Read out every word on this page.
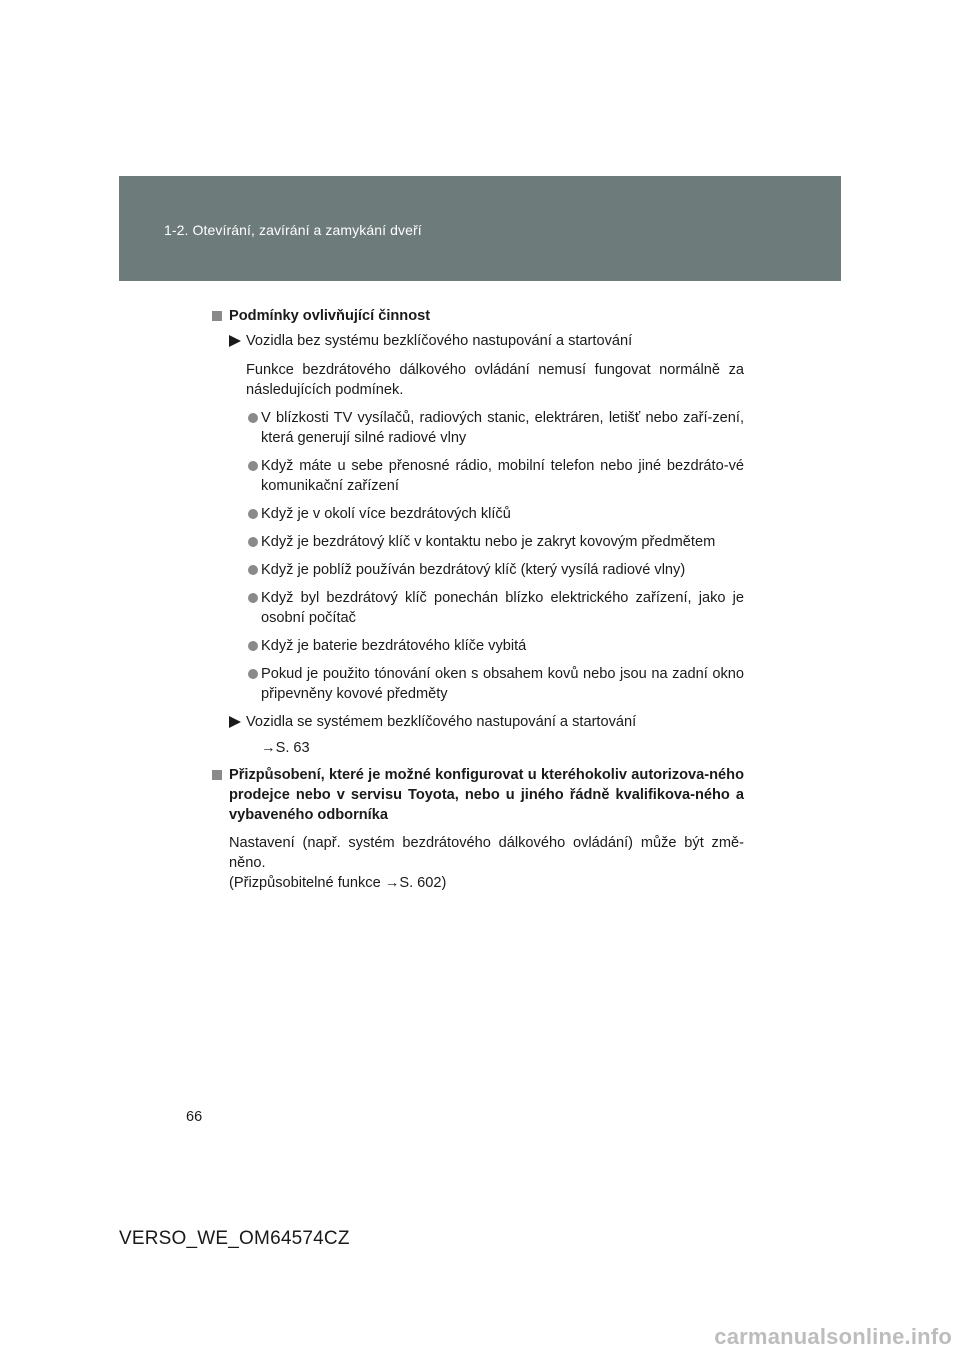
1-2. Otevírání, zavírání a zamykání dveří
Podmínky ovlivňující činnost
Vozidla bez systému bezklíčového nastupování a startování
Funkce bezdrátového dálkového ovládání nemusí fungovat normálně za následujících podmínek.
V blízkosti TV vysílačů, radiových stanic, elektráren, letišť nebo zaří-zení, která generují silné radiové vlny
Když máte u sebe přenosné rádio, mobilní telefon nebo jiné bezdráto-vé komunikační zařízení
Když je v okolí více bezdrátových klíčů
Když je bezdrátový klíč v kontaktu nebo je zakryt kovovým předmětem
Když je poblíž používán bezdrátový klíč (který vysílá radiové vlny)
Když byl bezdrátový klíč ponechán blízko elektrického zařízení, jako je osobní počítač
Když je baterie bezdrátového klíče vybitá
Pokud je použito tónování oken s obsahem kovů nebo jsou na zadní okno připevněny kovové předměty
Vozidla se systémem bezklíčového nastupování a startování
→S. 63
Přizpůsobení, které je možné konfigurovat u kteréhokoliv autorizova-ného prodejce nebo v servisu Toyota, nebo u jiného řádně kvalifikova-ného a vybaveného odborníka
Nastavení (např. systém bezdrátového dálkového ovládání) může být změ-něno.
(Přizpůsobitelné funkce →S. 602)
66
VERSO_WE_OM64574CZ
carmanualsonline.info
